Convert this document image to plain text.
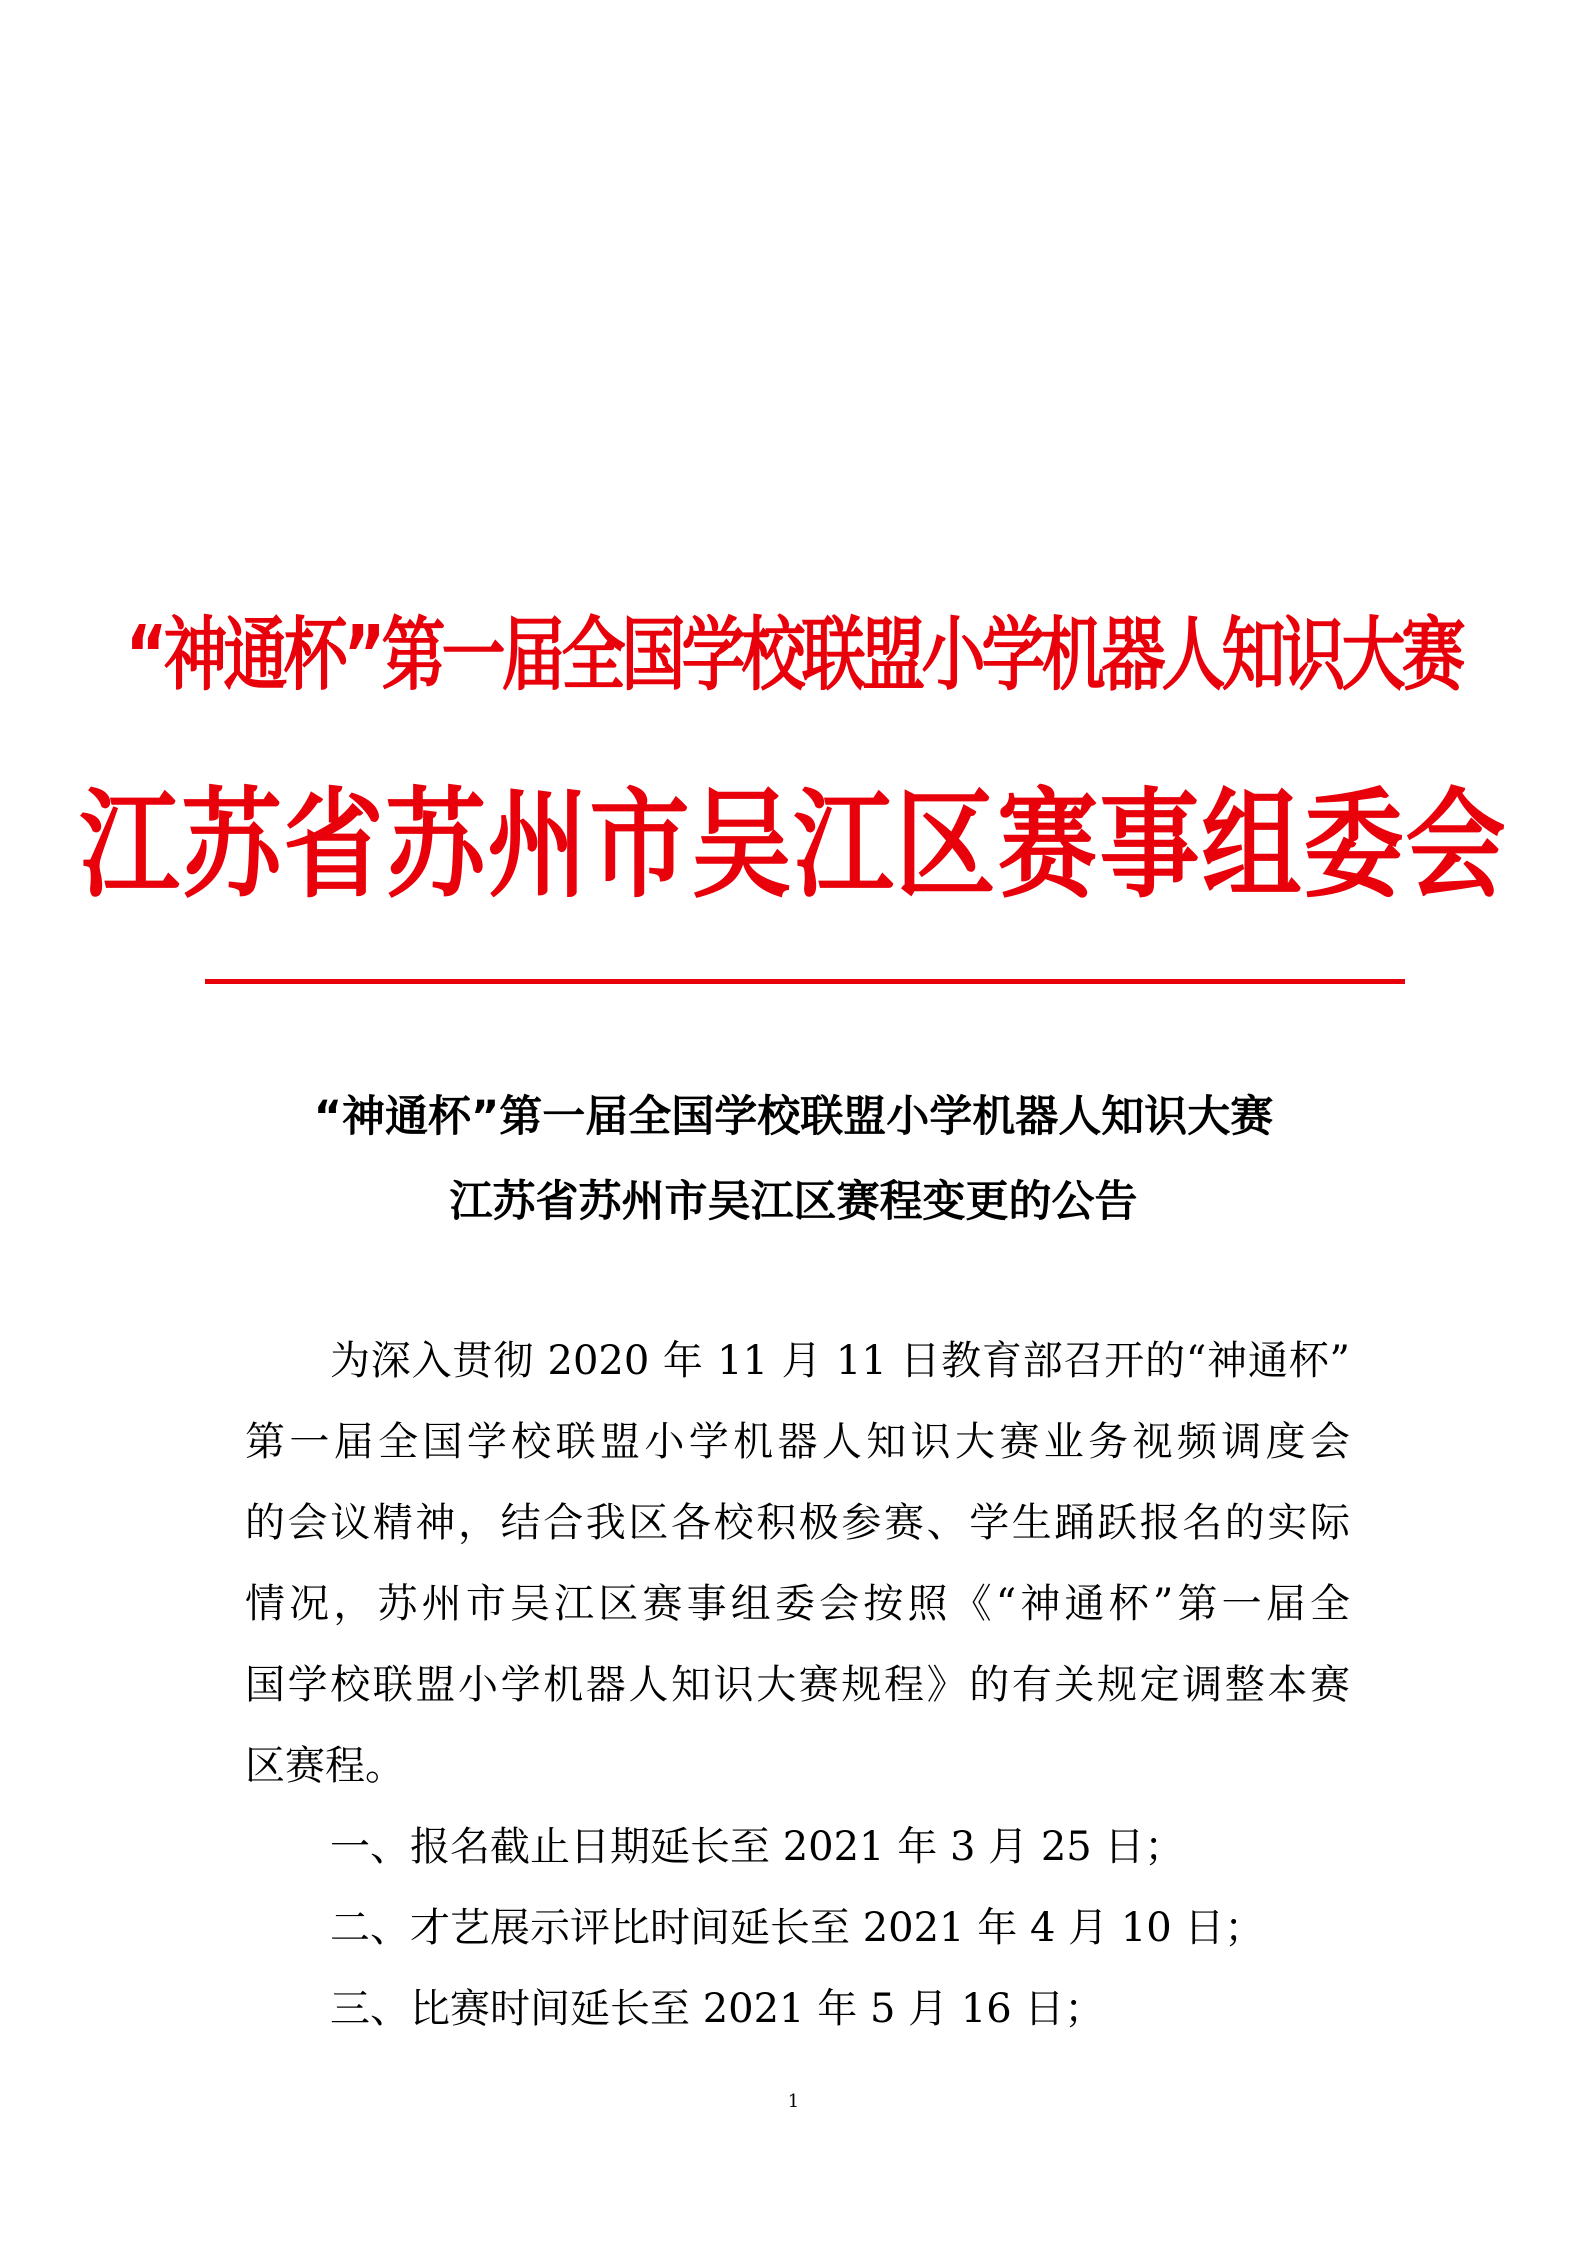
“神通杯”第一届全国学校联盟小学机器人知识大赛
江苏省苏州市吴江区赛事组委会
“神通杯”第一届全国学校联盟小学机器人知识大赛
江苏省苏州市吴江区赛程变更的公告
为深入贯彻 2020 年 11 月 11 日教育部召开的“神通杯”
第一届全国学校联盟小学机器人知识大赛业务视频调度会
的会议精神，结合我区各校积极参赛、学生踊跃报名的实际
情况，苏州市吴江区赛事组委会按照《“神通杯”第一届全
国学校联盟小学机器人知识大赛规程》的有关规定调整本赛
区赛程。
一、报名截止日期延长至 2021 年 3 月 25 日；
二、才艺展示评比时间延长至 2021 年 4 月 10 日；
三、比赛时间延长至 2021 年 5 月 16 日；
1
